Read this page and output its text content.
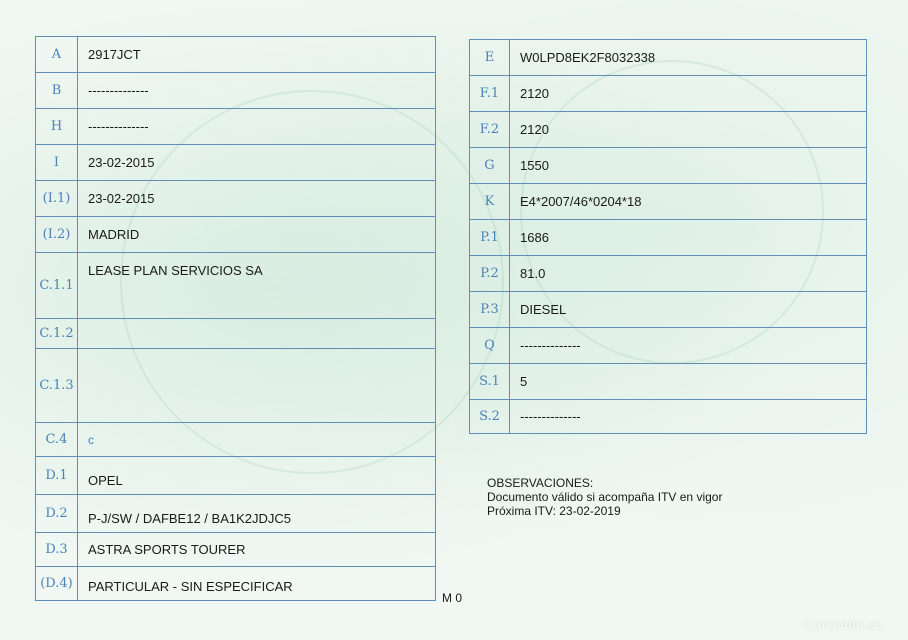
A	2917JCT
B	--------------
H	--------------
I	23-02-2015
(I.1)	23-02-2015
(I.2)	MADRID
C.1.1	LEASE PLAN SERVICIOS SA
C.1.2	
C.1.3	
C.4	c
D.1	OPEL
D.2	P-J/SW / DAFBE12 / BA1K2JDJC5
D.3	ASTRA SPORTS TOURER
(D.4)	PARTICULAR - SIN ESPECIFICAR
E	W0LPD8EK2F8032338
F.1	2120
F.2	2120
G	1550
K	E4*2007/46*0204*18
P.1	1686
P.2	81.0
P.3	DIESEL
Q	--------------
S.1	5
S.2	--------------
OBSERVACIONES:
Documento válido si acompaña ITV en vigor
Próxima ITV: 23-02-2019
M 0
CarOutlet.eu
